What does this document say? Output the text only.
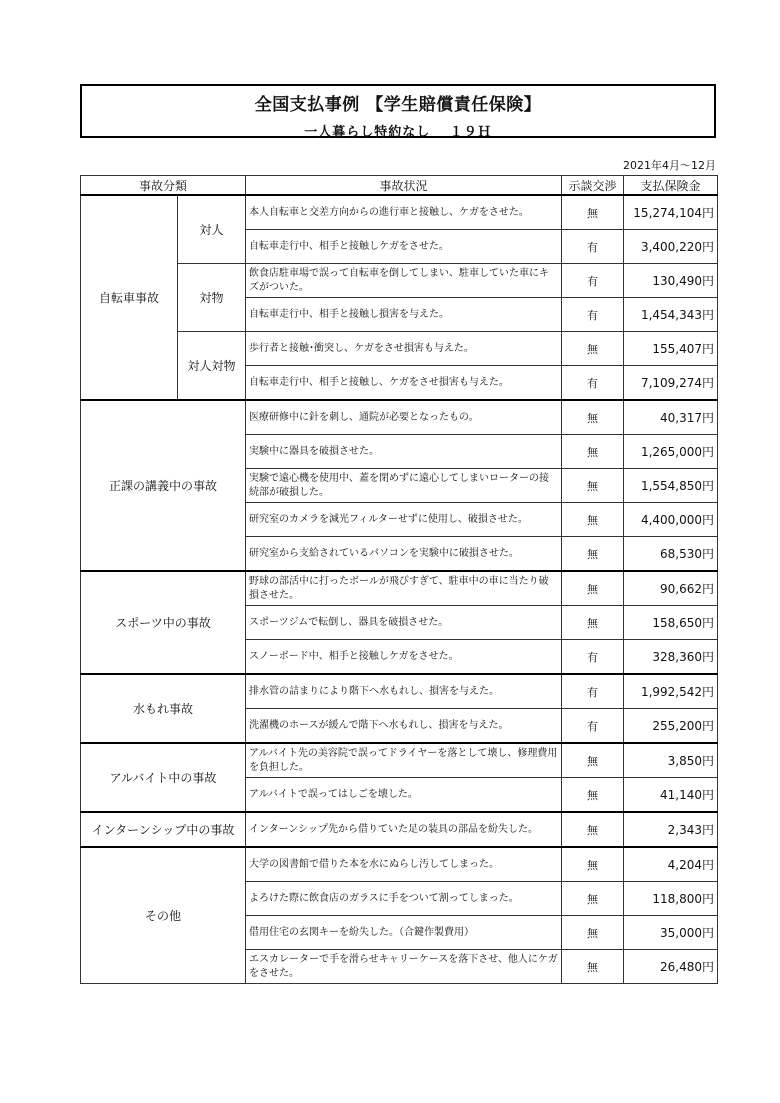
全国支払事例 【学生賠償責任保険】
一人暮らし特約なし　 １９Ｈ
2021年4月～12月
事故分類		事故状況	示談交渉	支払保険金
自転車事故	対人	本人自転車と交差方向からの進行車と接触し、ケガをさせた。	無	15,274,104円
		自転車走行中、相手と接触しケガをさせた。	有	3,400,220円
	対物	飲食店駐車場で誤って自転車を倒してしまい、駐車していた車にキズがついた。	有	130,490円
		自転車走行中、相手と接触し損害を与えた。	有	1,454,343円
	対人対物	歩行者と接触･衝突し、ケガをさせ損害も与えた。	無	155,407円
		自転車走行中、相手と接触し、ケガをさせ損害も与えた。	有	7,109,274円
正課の講義中の事故		医療研修中に針を刺し、通院が必要となったもの。	無	40,317円
		実験中に器具を破損させた。	無	1,265,000円
		実験で遠心機を使用中、蓋を閉めずに遠心してしまいローターの接続部が破損した。	無	1,554,850円
		研究室のカメラを減光フィルターせずに使用し、破損させた。	無	4,400,000円
		研究室から支給されているパソコンを実験中に破損させた。	無	68,530円
スポーツ中の事故		野球の部活中に打ったボールが飛びすぎて、駐車中の車に当たり破損させた。	無	90,662円
		スポーツジムで転倒し、器具を破損させた。	無	158,650円
		スノーボード中、相手と接触しケガをさせた。	有	328,360円
水もれ事故		排水管の詰まりにより階下へ水もれし、損害を与えた。	有	1,992,542円
		洗濯機のホースが緩んで階下へ水もれし、損害を与えた。	有	255,200円
アルバイト中の事故		アルバイト先の美容院で誤ってドライヤーを落として壊し、修理費用を負担した。	無	3,850円
		アルバイトで誤ってはしごを壊した。	無	41,140円
インターンシップ中の事故		インターンシップ先から借りていた足の装具の部品を紛失した。	無	2,343円
その他		大学の図書館で借りた本を水にぬらし汚してしまった。	無	4,204円
		よろけた際に飲食店のガラスに手をついて割ってしまった。	無	118,800円
		借用住宅の玄関キーを紛失した。（合鍵作製費用）	無	35,000円
		エスカレーターで手を滑らせキャリーケースを落下させ、他人にケガをさせた。	無	26,480円
